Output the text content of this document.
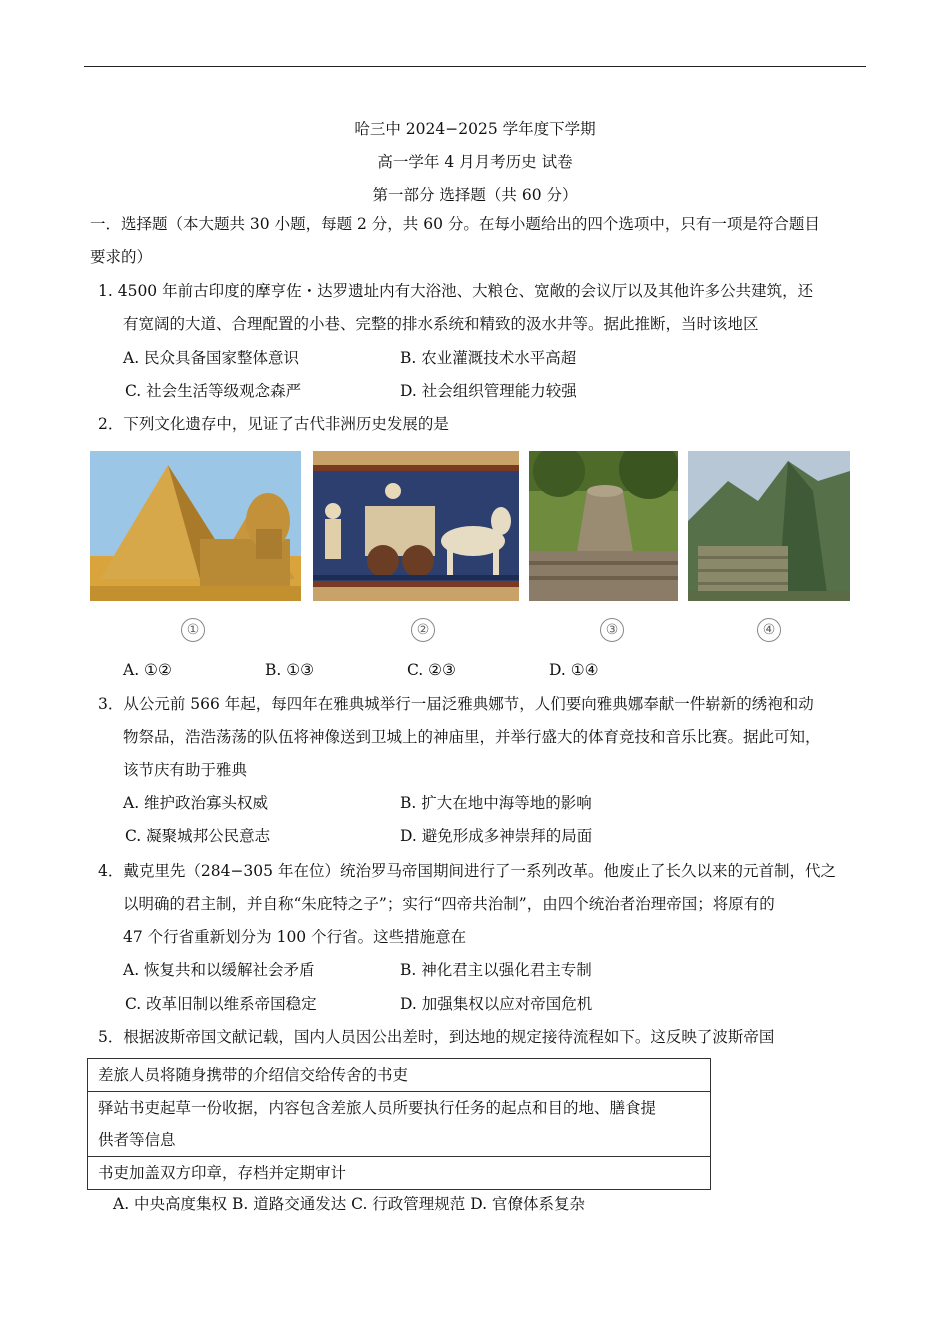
哈三中 2024−2025 学年度下学期
高一学年 4 月月考历史 试卷
第一部分 选择题（共 60 分）
一．选择题（本大题共 30 小题，每题 2 分，共 60 分。在每小题给出的四个选项中，只有一项是符合题目
要求的）
1. 4500 年前古印度的摩亨佐・达罗遗址内有大浴池、大粮仓、宽敞的会议厅以及其他许多公共建筑，还
有宽阔的大道、合理配置的小巷、完整的排水系统和精致的汲水井等。据此推断，当时该地区
A. 民众具备国家整体意识	B. 农业灌溉技术水平高超
C. 社会生活等级观念森严	D. 社会组织管理能力较强
2．下列文化遗存中，见证了古代非洲历史发展的是
①	②	③	④
A. ①②	B. ①③	C. ②③	D. ①④
3．从公元前 566 年起，每四年在雅典城举行一届泛雅典娜节，人们要向雅典娜奉献一件崭新的绣袍和动
物祭品，浩浩荡荡的队伍将神像送到卫城上的神庙里，并举行盛大的体育竞技和音乐比赛。据此可知，
该节庆有助于雅典
A. 维护政治寡头权威	B. 扩大在地中海等地的影响
C. 凝聚城邦公民意志	D. 避免形成多神崇拜的局面
4．戴克里先（284−305 年在位）统治罗马帝国期间进行了一系列改革。他废止了长久以来的元首制，代之
以明确的君主制，并自称“朱庇特之子”；实行“四帝共治制”，由四个统治者治理帝国；将原有的
47 个行省重新划分为 100 个行省。这些措施意在
A. 恢复共和以缓解社会矛盾	B. 神化君主以强化君主专制
C. 改革旧制以维系帝国稳定	D. 加强集权以应对帝国危机
5．根据波斯帝国文献记载，国内人员因公出差时，到达地的规定接待流程如下。这反映了波斯帝国
差旅人员将随身携带的介绍信交给传舍的书吏

驿站书吏起草一份收据，内容包含差旅人员所要执行任务的起点和目的地、膳食提
供者等信息

书吏加盖双方印章，存档并定期审计
A. 中央高度集权 B. 道路交通发达 C. 行政管理规范 D. 官僚体系复杂
